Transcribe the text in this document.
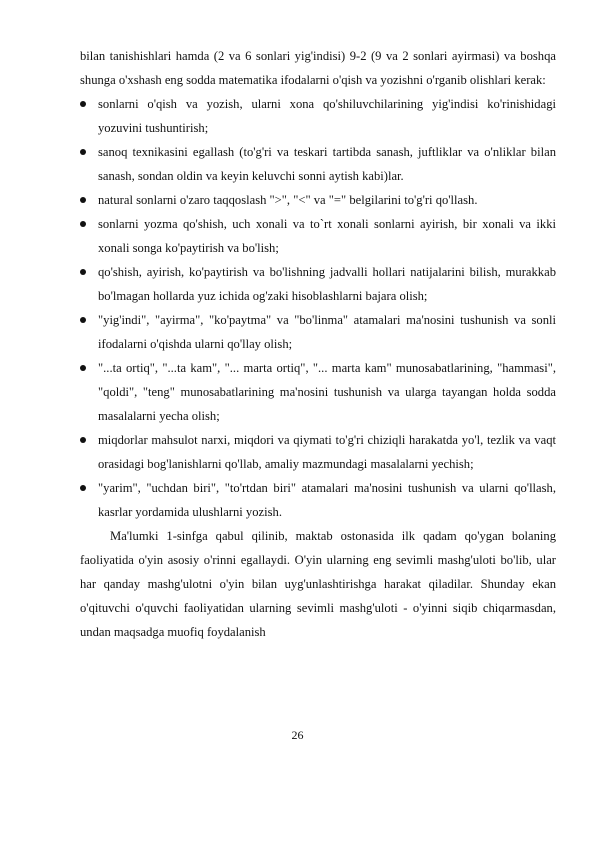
bilan tanishishlari hamda (2 va 6 sonlari yig'indisi) 9-2 (9 va 2 sonlari ayirmasi) va boshqa shunga o'xshash eng sodda matematika ifodalarni o'qish va yozishni o'rganib olishlari kerak:

sonlarni o'qish va yozish, ularni xona qo'shiluvchilarining yig'indisi ko'rinishidagi yozuvini tushuntirish;
sanoq texnikasini egallash (to'g'ri va teskari tartibda sanash, juftliklar va o'nliklar bilan sanash, sondan oldin va keyin keluvchi sonni aytish kabi)lar.
natural sonlarni o'zaro taqqoslash ">", "<" va "=" belgilarini to'g'ri qo'llash.
sonlarni yozma qo'shish, uch xonali va to`rt xonali sonlarni ayirish, bir xonali va ikki xonali songa ko'paytirish va bo'lish;
qo'shish, ayirish, ko'paytirish va bo'lishning jadvalli hollari natijalarini bilish, murakkab bo'lmagan hollarda yuz ichida og'zaki hisoblashlarni bajara olish;
"yig'indi", "ayirma", "ko'paytma" va "bo'linma" atamalari ma'nosini tushunish va sonli ifodalarni o'qishda ularni qo'llay olish;
"...ta ortiq", "...ta kam", "... marta ortiq", "... marta kam" munosabatlarining, "hammasi", "qoldi", "teng" munosabatlarining ma'nosini tushunish va ularga tayangan holda sodda masalalarni yecha olish;
miqdorlar mahsulot narxi, miqdori va qiymati to'g'ri chiziqli harakatda yo'l, tezlik va vaqt orasidagi bog'lanishlarni qo'llab, amaliy mazmundagi masalalarni yechish;
"yarim", "uchdan biri", "to'rtdan biri" atamalari ma'nosini tushunish va ularni qo'llash, kasrlar yordamida ulushlarni yozish.

Ma'lumki 1-sinfga qabul qilinib, maktab ostonasida ilk qadam qo'ygan bolaning faoliyatida o'yin asosiy o'rinni egallaydi. O'yin ularning eng sevimli mashg'uloti bo'lib, ular har qanday mashg'ulotni o'yin bilan uyg'unlashtirishga harakat qiladilar. Shunday ekan o'qituvchi o'quvchi faoliyatidan ularning sevimli mashg'uloti - o'yinni siqib chiqarmasdan, undan maqsadga muofiq foydalanish

26
